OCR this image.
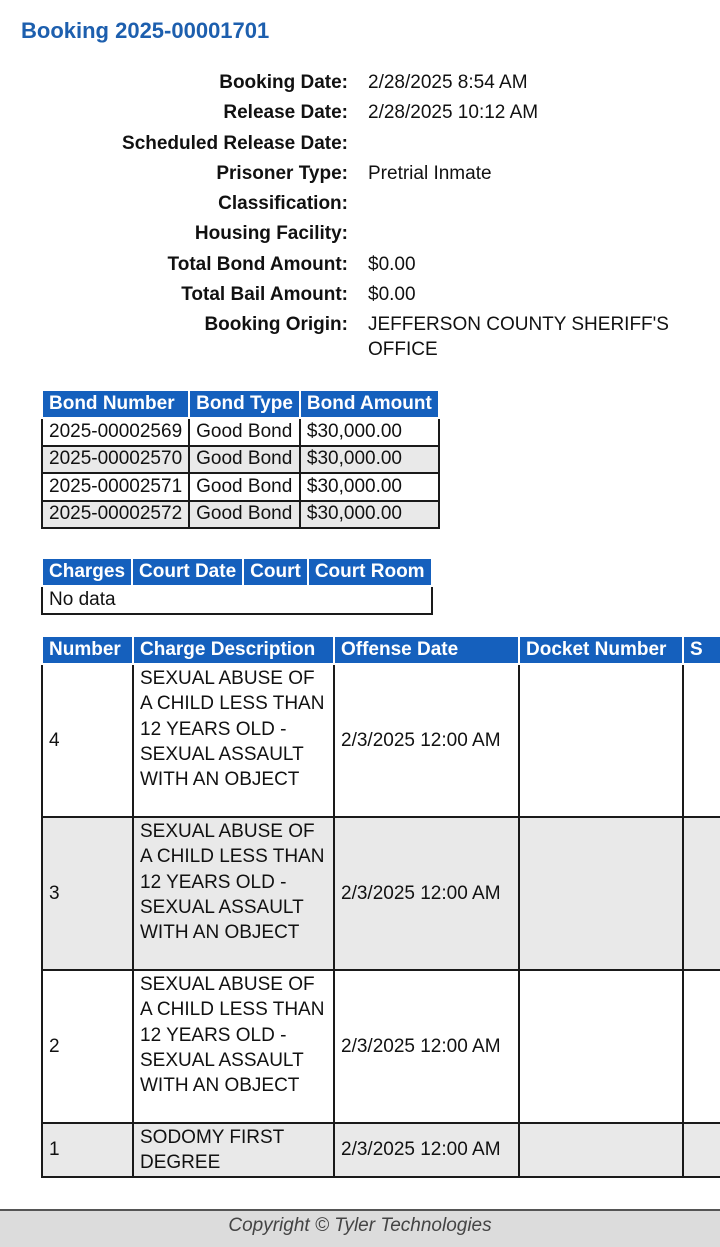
Booking 2025-00001701
Booking Date:	2/28/2025 8:54 AM
Release Date:	2/28/2025 10:12 AM
Scheduled Release Date:
Prisoner Type:	Pretrial Inmate
Classification:
Housing Facility:
Total Bond Amount:	$0.00
Total Bail Amount:	$0.00
Booking Origin:	JEFFERSON COUNTY SHERIFF'S OFFICE
Bond Number	Bond Type	Bond Amount
2025-00002569	Good Bond	$30,000.00
2025-00002570	Good Bond	$30,000.00
2025-00002571	Good Bond	$30,000.00
2025-00002572	Good Bond	$30,000.00
Charges	Court Date	Court	Court Room
No data
Number	Charge Description	Offense Date	Docket Number	S
4	SEXUAL ABUSE OF A CHILD LESS THAN 12 YEARS OLD - SEXUAL ASSAULT WITH AN OBJECT	2/3/2025 12:00 AM		
3	SEXUAL ABUSE OF A CHILD LESS THAN 12 YEARS OLD - SEXUAL ASSAULT WITH AN OBJECT	2/3/2025 12:00 AM		
2	SEXUAL ABUSE OF A CHILD LESS THAN 12 YEARS OLD - SEXUAL ASSAULT WITH AN OBJECT	2/3/2025 12:00 AM		
1	SODOMY FIRST DEGREE	2/3/2025 12:00 AM		
Copyright © Tyler Technologies
